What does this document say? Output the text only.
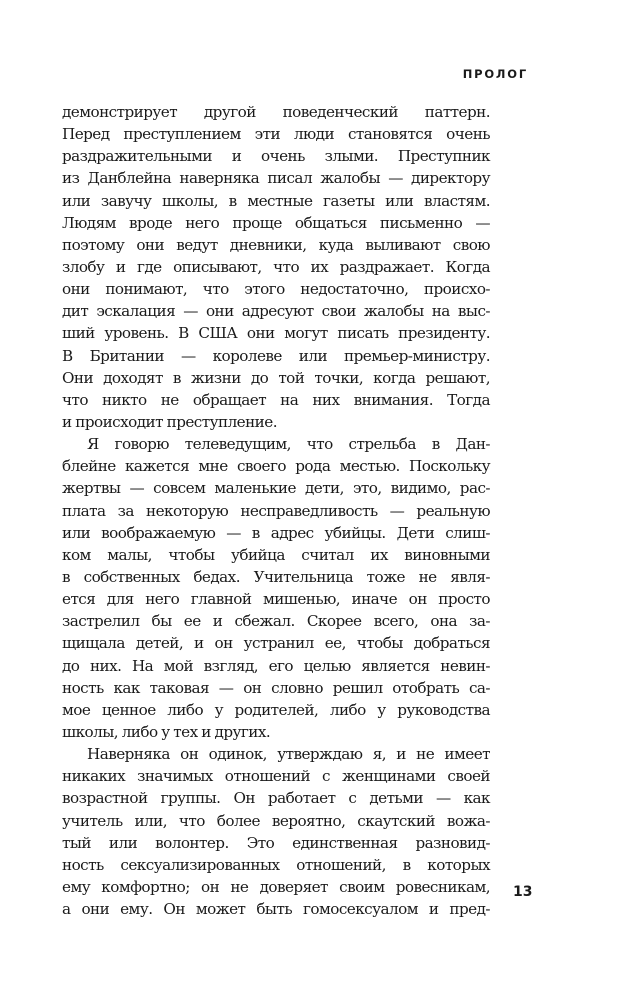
ПРОЛОГ
демонстрирует другой поведенческий паттерн.
Перед преступлением эти люди становятся очень
раздражительными и очень злыми. Преступник
из Данблейна наверняка писал жалобы — директору
или завучу школы, в местные газеты или властям.
Людям вроде него проще общаться письменно —
поэтому они ведут дневники, куда выливают свою
злобу и где описывают, что их раздражает. Когда
они понимают, что этого недостаточно, происхо-
дит эскалация — они адресуют свои жалобы на выс-
ший уровень. В США они могут писать президенту.
В Британии — королеве или премьер-министру.
Они доходят в жизни до той точки, когда решают,
что никто не обращает на них внимания. Тогда
и происходит преступление.
Я говорю телеведущим, что стрельба в Дан-
блейне кажется мне своего рода местью. Поскольку
жертвы — совсем маленькие дети, это, видимо, рас-
плата за некоторую несправедливость — реальную
или воображаемую — в адрес убийцы. Дети слиш-
ком малы, чтобы убийца считал их виновными
в собственных бедах. Учительница тоже не явля-
ется для него главной мишенью, иначе он просто
застрелил бы ее и сбежал. Скорее всего, она за-
щищала детей, и он устранил ее, чтобы добраться
до них. На мой взгляд, его целью является невин-
ность как таковая — он словно решил отобрать са-
мое ценное либо у родителей, либо у руководства
школы, либо у тех и других.
Наверняка он одинок, утверждаю я, и не имеет
никаких значимых отношений с женщинами своей
возрастной группы. Он работает с детьми — как
учитель или, что более вероятно, скаутский вожа-
тый или волонтер. Это единственная разновид-
ность сексуализированных отношений, в которых
ему комфортно; он не доверяет своим ровесникам,
а они ему. Он может быть гомосексуалом и пред-
13
